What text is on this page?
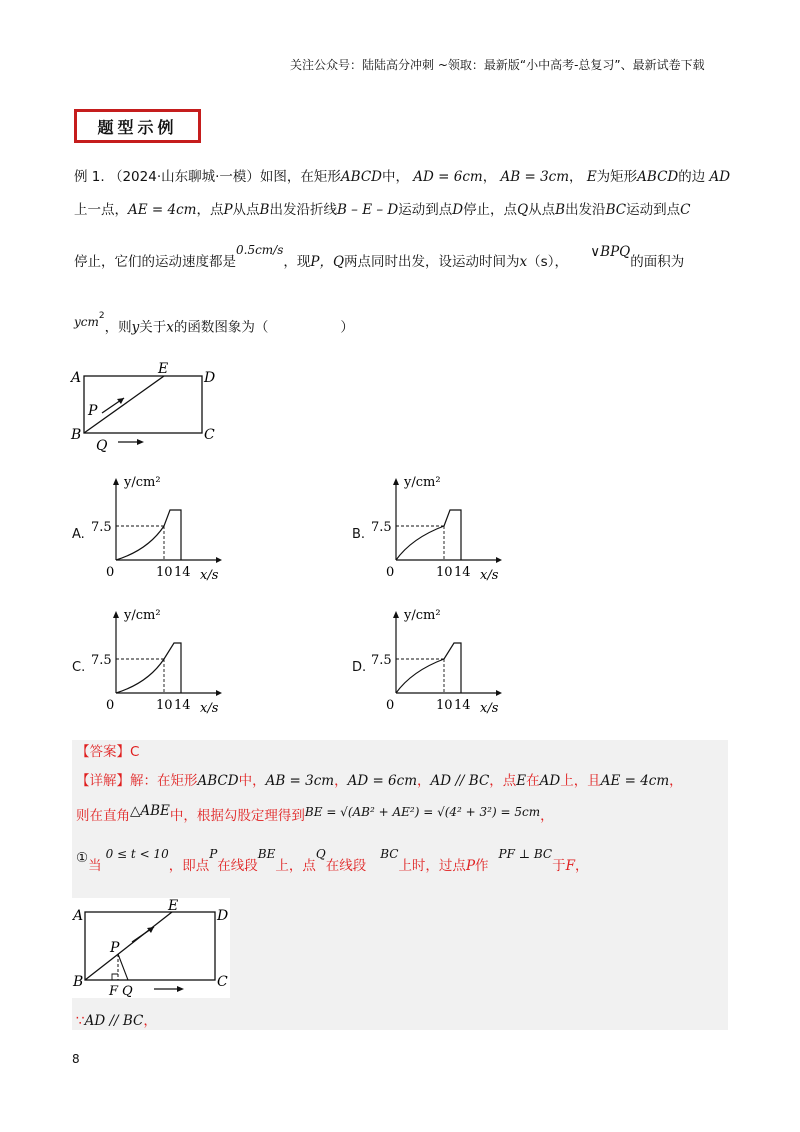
关注公众号：陆陆高分冲刺 ~领取：最新版“小中高考-总复习”、最新试卷下载
题型示例
例 1. （2024·山东聊城·一模）如图，在矩形ABCD中， AD = 6cm， AB = 3cm， E为矩形ABCD的边 AD
上一点，AE = 4cm，点P从点B出发沿折线B – E – D运动到点D停止，点Q从点B出发沿BC运动到点C
停止，它们的运动速度都是0.5cm/s，现P，Q两点同时出发，设运动时间为x（s）， ∨BPQ的面积为
ycm$^2$，则y关于x的函数图象为（	）
A	D
E
B	C
P
Q
A.	B.
C.	D.
y/cm²
7.5
0	10 14 x/s
y/cm²
7.5
0	10 14 x/s
y/cm²
7.5
0	10 14 x/s
y/cm²
7.5
0	10 14 x/s
【答案】C
【详解】解：在矩形ABCD中，AB = 3cm，AD = 6cm，AD // BC，点E在AD上，且AE = 4cm，
则在直角△ABE中，根据勾股定理得到BE = √(AB² + AE²) = √(4² + 3²) = 5cm，
①当0 ≤ t < 10，即点P在线段BE上，点Q在线段BC上时，过点P作PF ⊥ BC于F，
A	D
E
B	C
P
F Q
∵AD // BC，
8
